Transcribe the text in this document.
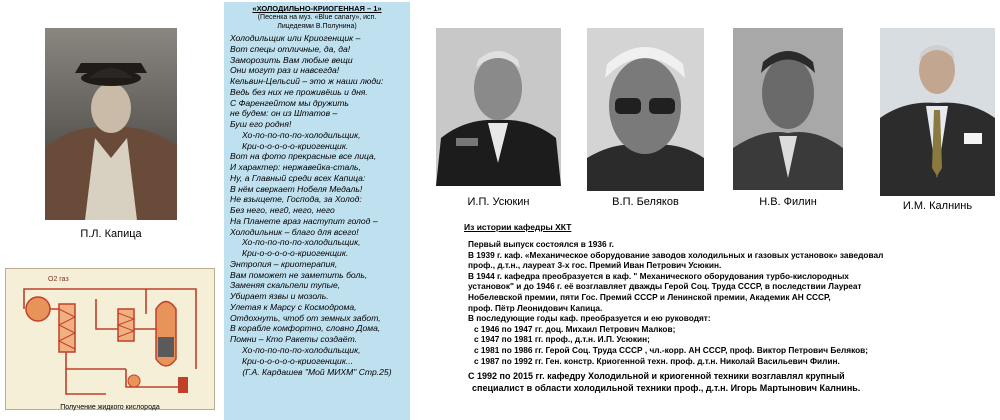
П.Л. Капица
O2 газ
Получение жидкого кислорода
«ХОЛОДИЛЬНО-КРИОГЕННАЯ – 1»
(Песенка на муз. «Blue canary», исп.
Лицедеями В.Полунина)
Холодильщик или Криогенщик –
Вот спецы отличные, да, да!
Заморозить Вам любые вещи
Они могут раз и навсегда!
Кельвин-Цельсий – это ж наши люди:
Ведь без них не проживёшь и дня.
С Фаренгейтом мы дружить
не будем: он из Штатов –
Буш его родня!
Хо-по-по-по-по-холодильщик,
Кри-о-о-о-о-о-криогенщик.
Вот на фото прекрасные все лица,
И характер: нержавейка-сталь,
Ну, а Главный среди всех Капица:
В нём сверкает Нобеля Медаль!
Не взыщете, Господа, за Холод:
Без него, нег0, него, него
На Планете враз наступит голод –
Холодильник – благо для всего!
Хо-по-по-по-по-холодильщик,
Кри-о-о-о-о-о-криогенщик.
Энтропия – криотерапия,
Вам поможет не заметить боль,
Заменяя скальпели тупые,
Убирает язвы и мозоль.
Улетая к Марсу с Космодрома,
Отдохнуть, чтоб от земных забот,
В корабле комфортно, словно Дома,
Помни – Кто Ракеты создаёт.
Хо-по-по-по-по-холодильщик,
Кри-о-о-о-о-о-криогенщик...
(Г.А. Кардашев "Мой МИХМ" Стр.25)
И.П. Усюкин	В.П. Беляков	Н.В. Филин	И.М. Калнинь
Из истории кафедры ХКТ
Первый выпуск состоялся в 1936 г.
В 1939 г. каф. «Механическое оборудование заводов холодильных и газовых установок» заведовал
проф., д.т.н., лауреат 3-х гос. Премий Иван Петрович Усюкин.
В 1944 г. кафедра преобразуется в каф. " Механического оборудования турбо-кислородных
установок" и до 1946 г. её возглавляет дважды Герой Соц. Труда СССР, в последствии Лауреат
Нобелевской премии, пяти Гос. Премий СССР и Ленинской премии, Академик АН СССР,
проф. Пётр Леонидович Капица.
В последующие годы каф. преобразуется и ею руководят:
с 1946 по 1947 гг. доц. Михаил Петрович Малков;
с 1947 по 1981 гг. проф., д.т.н. И.П. Усюкин;
с 1981 по 1986 гг. Герой Соц. Труда СССР , чл.-корр. АН СССР, проф. Виктор Петрович Беляков;
с 1987 по 1992 гг. Ген. констр. Криогенной техн. проф. д.т.н. Николай Васильевич Филин.
С 1992 по 2015 гг. кафедру Холодильной и криогенной техники возглавлял крупный
специалист в области холодильной техники проф., д.т.н. Игорь Мартынович Калнинь.
